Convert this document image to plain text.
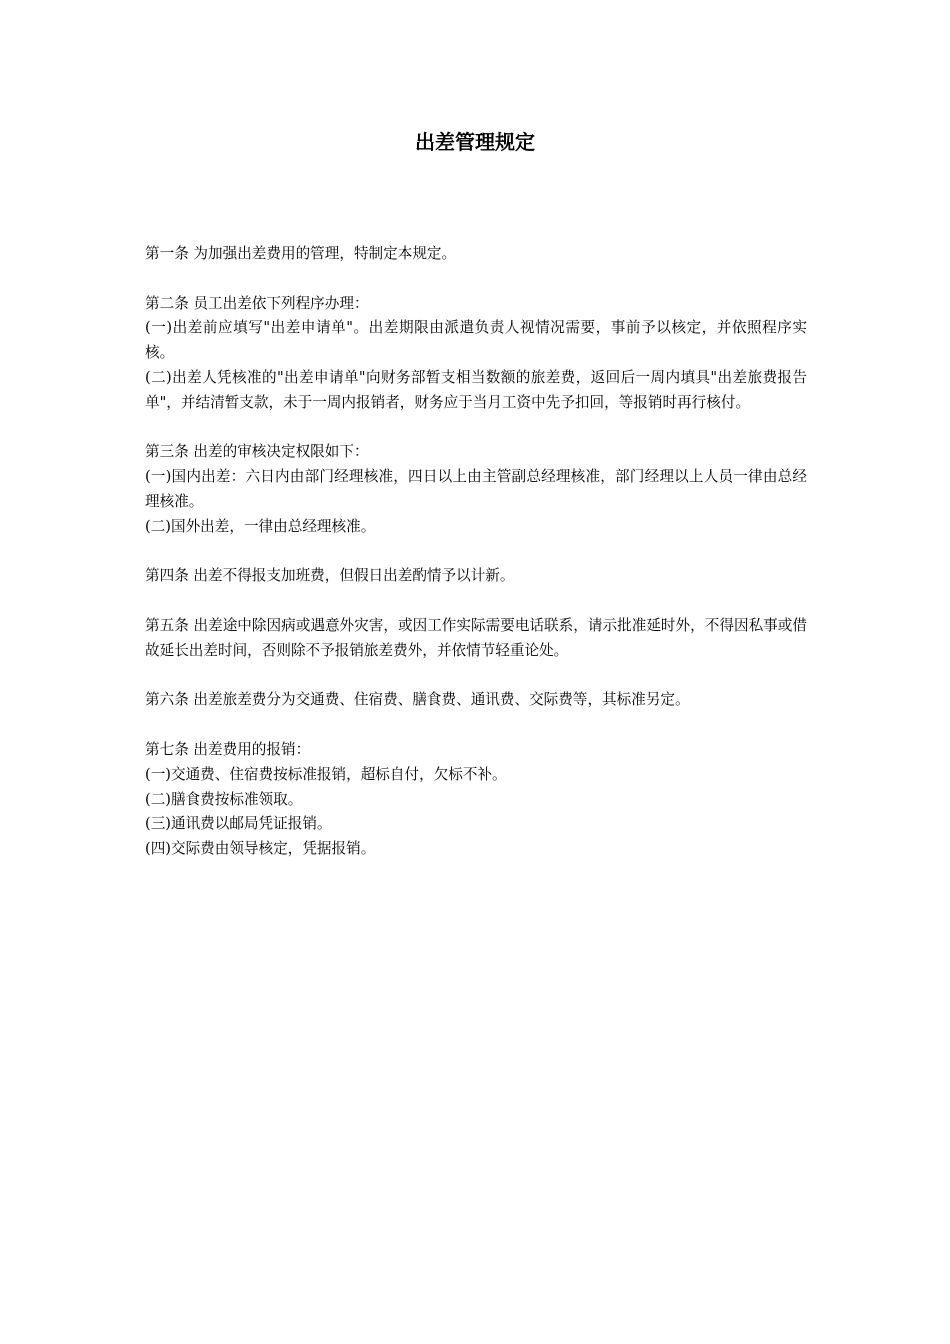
出差管理规定

第一条 为加强出差费用的管理，特制定本规定。

第二条 员工出差依下列程序办理：

(一)出差前应填写"出差申请单"。出差期限由派遣负责人视情况需要，事前予以核定，并依照程序实核。

(二)出差人凭核准的"出差申请单"向财务部暂支相当数额的旅差费，返回后一周内填具"出差旅费报告单"，并结清暂支款，未于一周内报销者，财务应于当月工资中先予扣回，等报销时再行核付。

第三条 出差的审核决定权限如下：

(一)国内出差：六日内由部门经理核准，四日以上由主管副总经理核准，部门经理以上人员一律由总经理核准。

(二)国外出差，一律由总经理核准。

第四条 出差不得报支加班费，但假日出差酌情予以计新。

第五条 出差途中除因病或遇意外灾害，或因工作实际需要电话联系，请示批准延时外，不得因私事或借故延长出差时间，否则除不予报销旅差费外，并依情节轻重论处。

第六条 出差旅差费分为交通费、住宿费、膳食费、通讯费、交际费等，其标准另定。

第七条 出差费用的报销：

(一)交通费、住宿费按标准报销，超标自付，欠标不补。

(二)膳食费按标准领取。

(三)通讯费以邮局凭证报销。

(四)交际费由领导核定，凭据报销。
